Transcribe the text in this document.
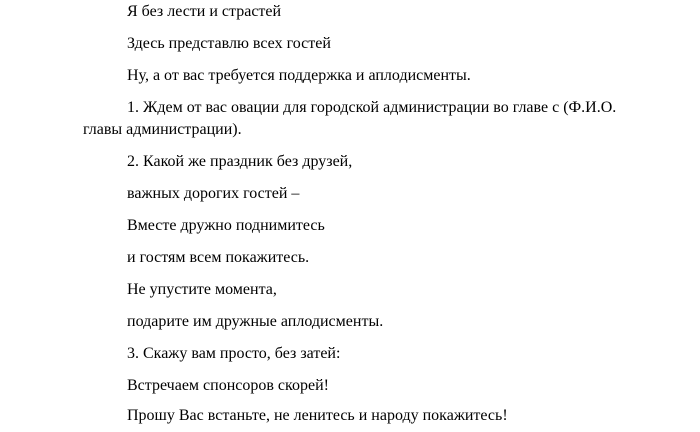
Я без лести и страстей

Здесь представлю всех гостей

Ну, а от вас требуется поддержка и аплодисменты.

1. Ждем от вас овации для городской администрации во главе с (Ф.И.О.

главы администрации).

2. Какой же праздник без друзей,

важных дорогих гостей –

Вместе дружно поднимитесь

и гостям всем покажитесь.

Не упустите момента,

подарите им дружные аплодисменты.

3. Скажу вам просто, без затей:

Встречаем спонсоров скорей!

Прошу Вас встаньте, не ленитесь и народу покажитесь!
